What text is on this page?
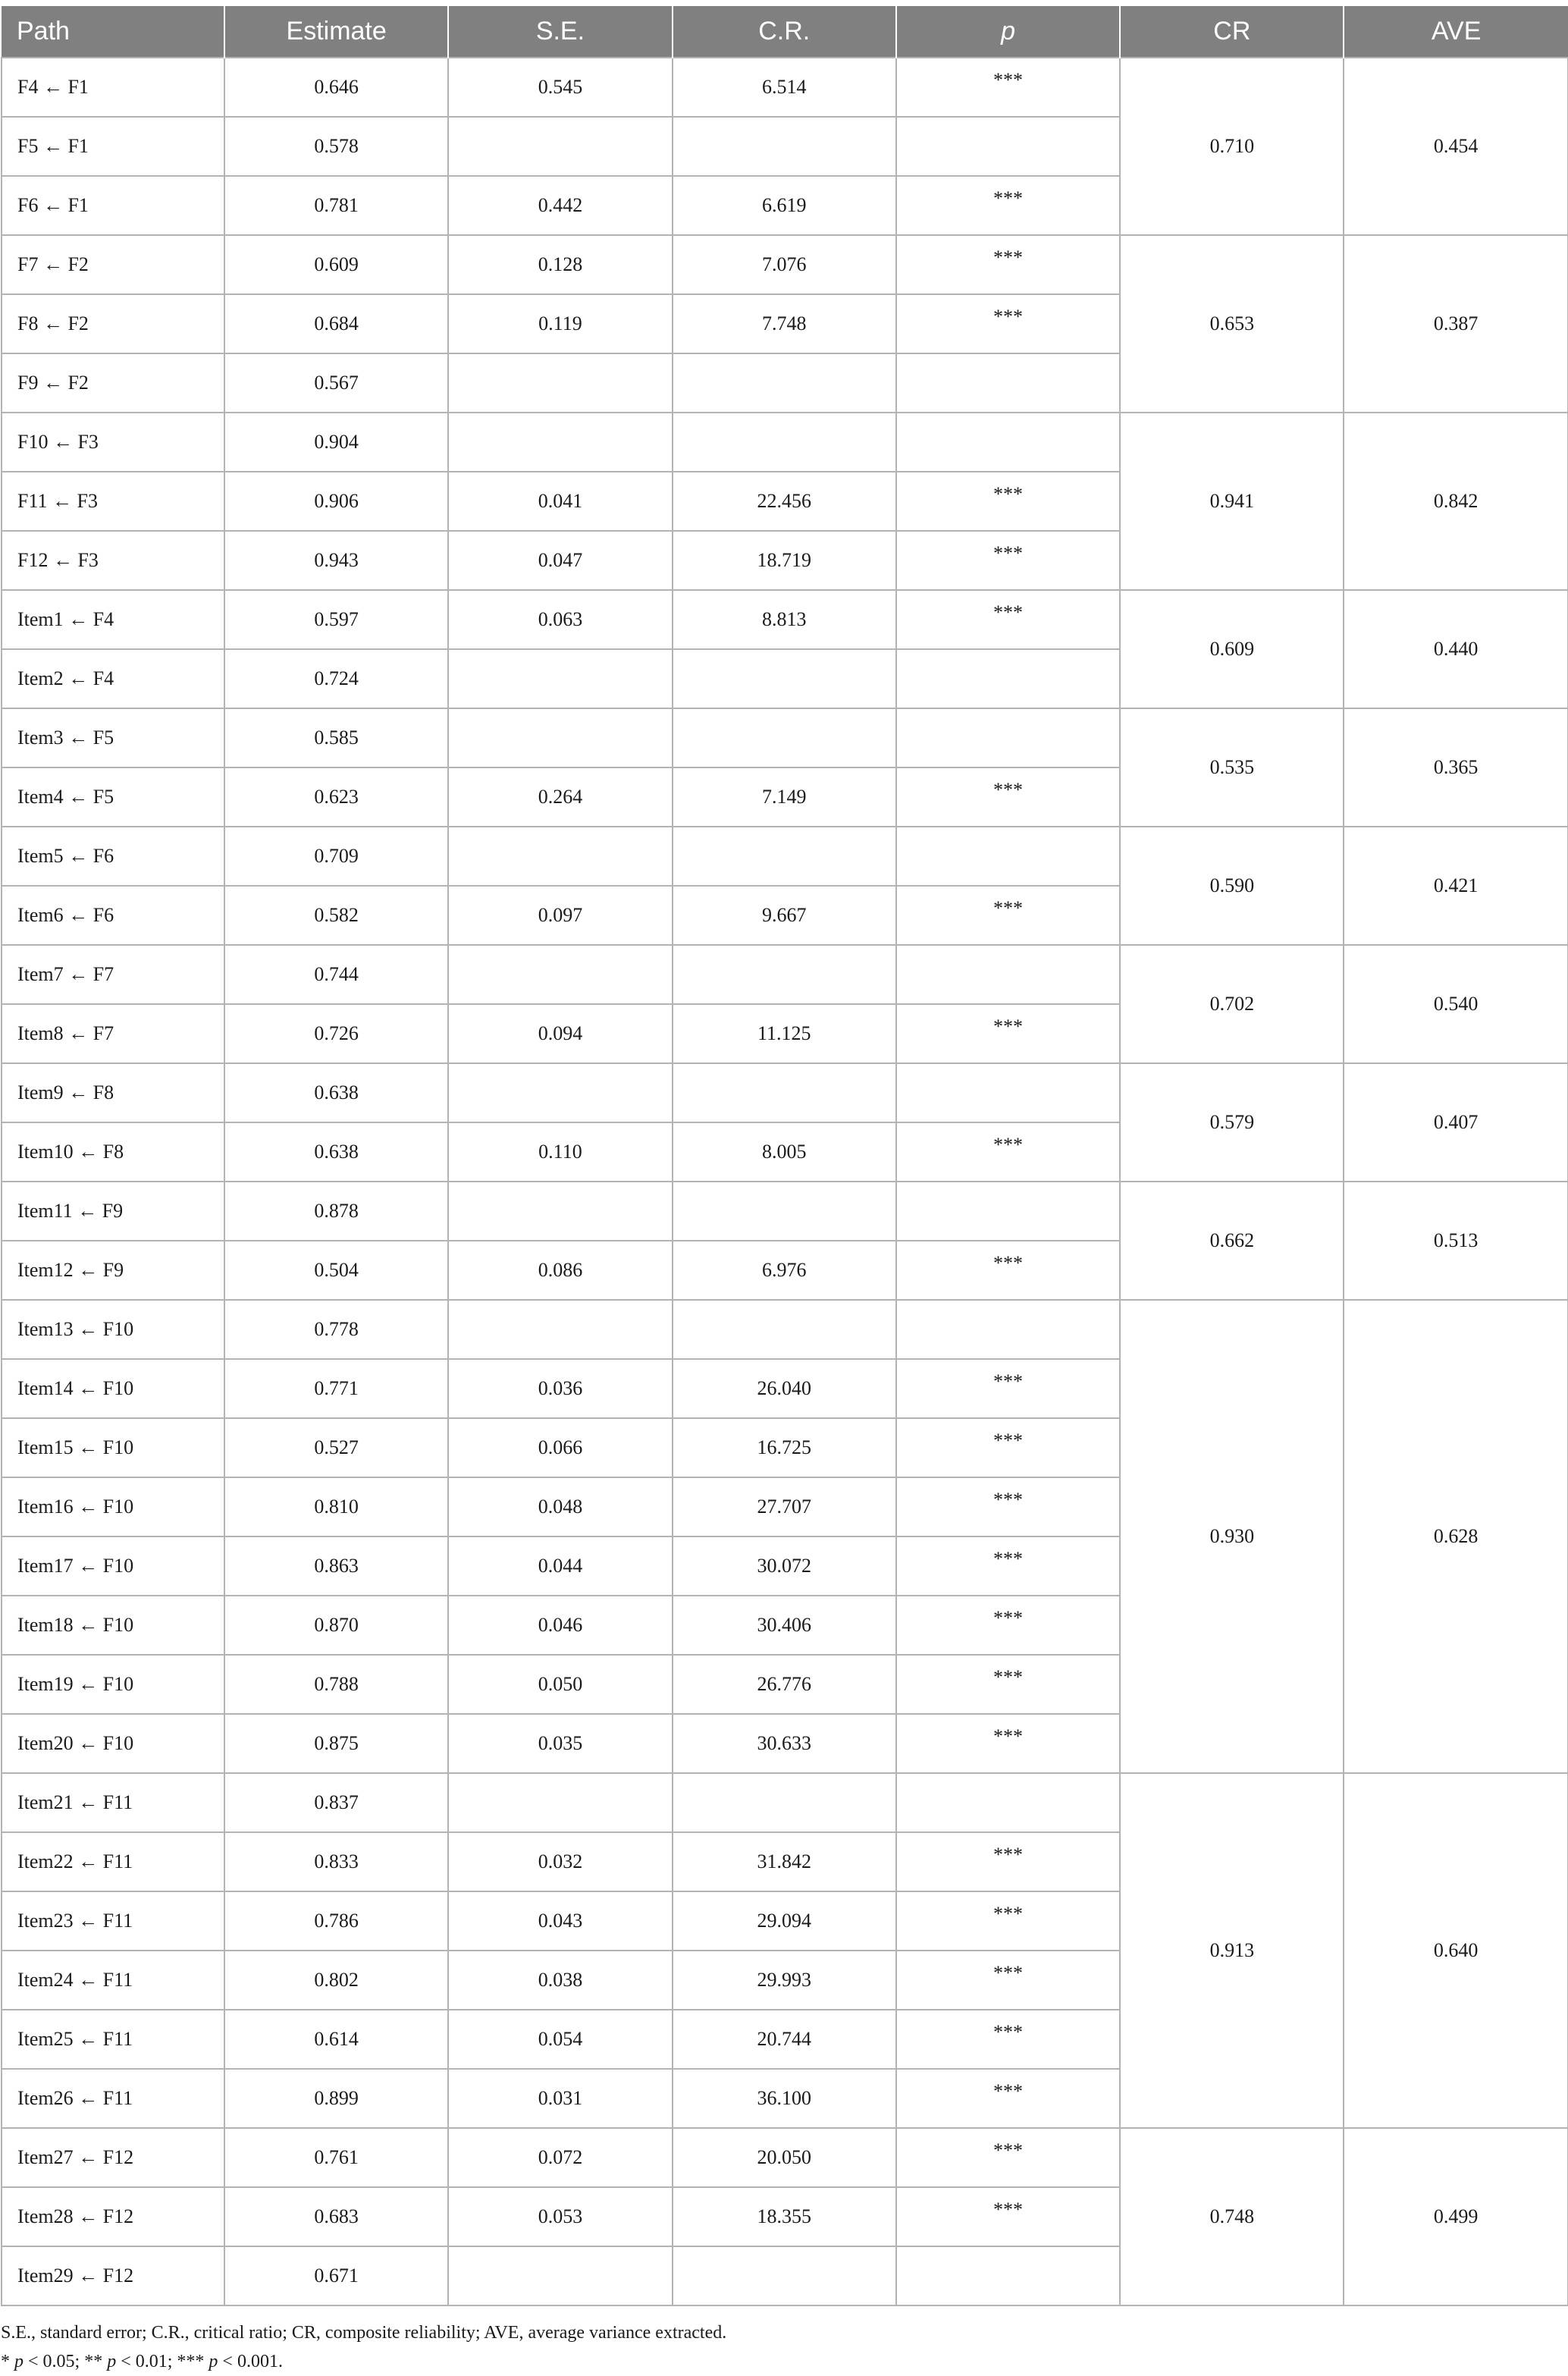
Path	Estimate	S.E.	C.R.	p	CR	AVE
F4 ← F1	0.646	0.545	6.514	***	0.710	0.454
F5 ← F1	0.578					
F6 ← F1	0.781	0.442	6.619	***		
F7 ← F2	0.609	0.128	7.076	***	0.653	0.387
F8 ← F2	0.684	0.119	7.748	***		
F9 ← F2	0.567					
F10 ← F3	0.904				0.941	0.842
F11 ← F3	0.906	0.041	22.456	***		
F12 ← F3	0.943	0.047	18.719	***		
Item1 ← F4	0.597	0.063	8.813	***	0.609	0.440
Item2 ← F4	0.724					
Item3 ← F5	0.585				0.535	0.365
Item4 ← F5	0.623	0.264	7.149	***		
Item5 ← F6	0.709				0.590	0.421
Item6 ← F6	0.582	0.097	9.667	***		
Item7 ← F7	0.744				0.702	0.540
Item8 ← F7	0.726	0.094	11.125	***		
Item9 ← F8	0.638				0.579	0.407
Item10 ← F8	0.638	0.110	8.005	***		
Item11 ← F9	0.878				0.662	0.513
Item12 ← F9	0.504	0.086	6.976	***		
Item13 ← F10	0.778				0.930	0.628
Item14 ← F10	0.771	0.036	26.040	***		
Item15 ← F10	0.527	0.066	16.725	***		
Item16 ← F10	0.810	0.048	27.707	***		
Item17 ← F10	0.863	0.044	30.072	***		
Item18 ← F10	0.870	0.046	30.406	***		
Item19 ← F10	0.788	0.050	26.776	***		
Item20 ← F10	0.875	0.035	30.633	***		
Item21 ← F11	0.837				0.913	0.640
Item22 ← F11	0.833	0.032	31.842	***		
Item23 ← F11	0.786	0.043	29.094	***		
Item24 ← F11	0.802	0.038	29.993	***		
Item25 ← F11	0.614	0.054	20.744	***		
Item26 ← F11	0.899	0.031	36.100	***		
Item27 ← F12	0.761	0.072	20.050	***	0.748	0.499
Item28 ← F12	0.683	0.053	18.355	***		
Item29 ← F12	0.671					
S.E., standard error; C.R., critical ratio; CR, composite reliability; AVE, average variance extracted.
* p < 0.05; ** p < 0.01; *** p < 0.001.
